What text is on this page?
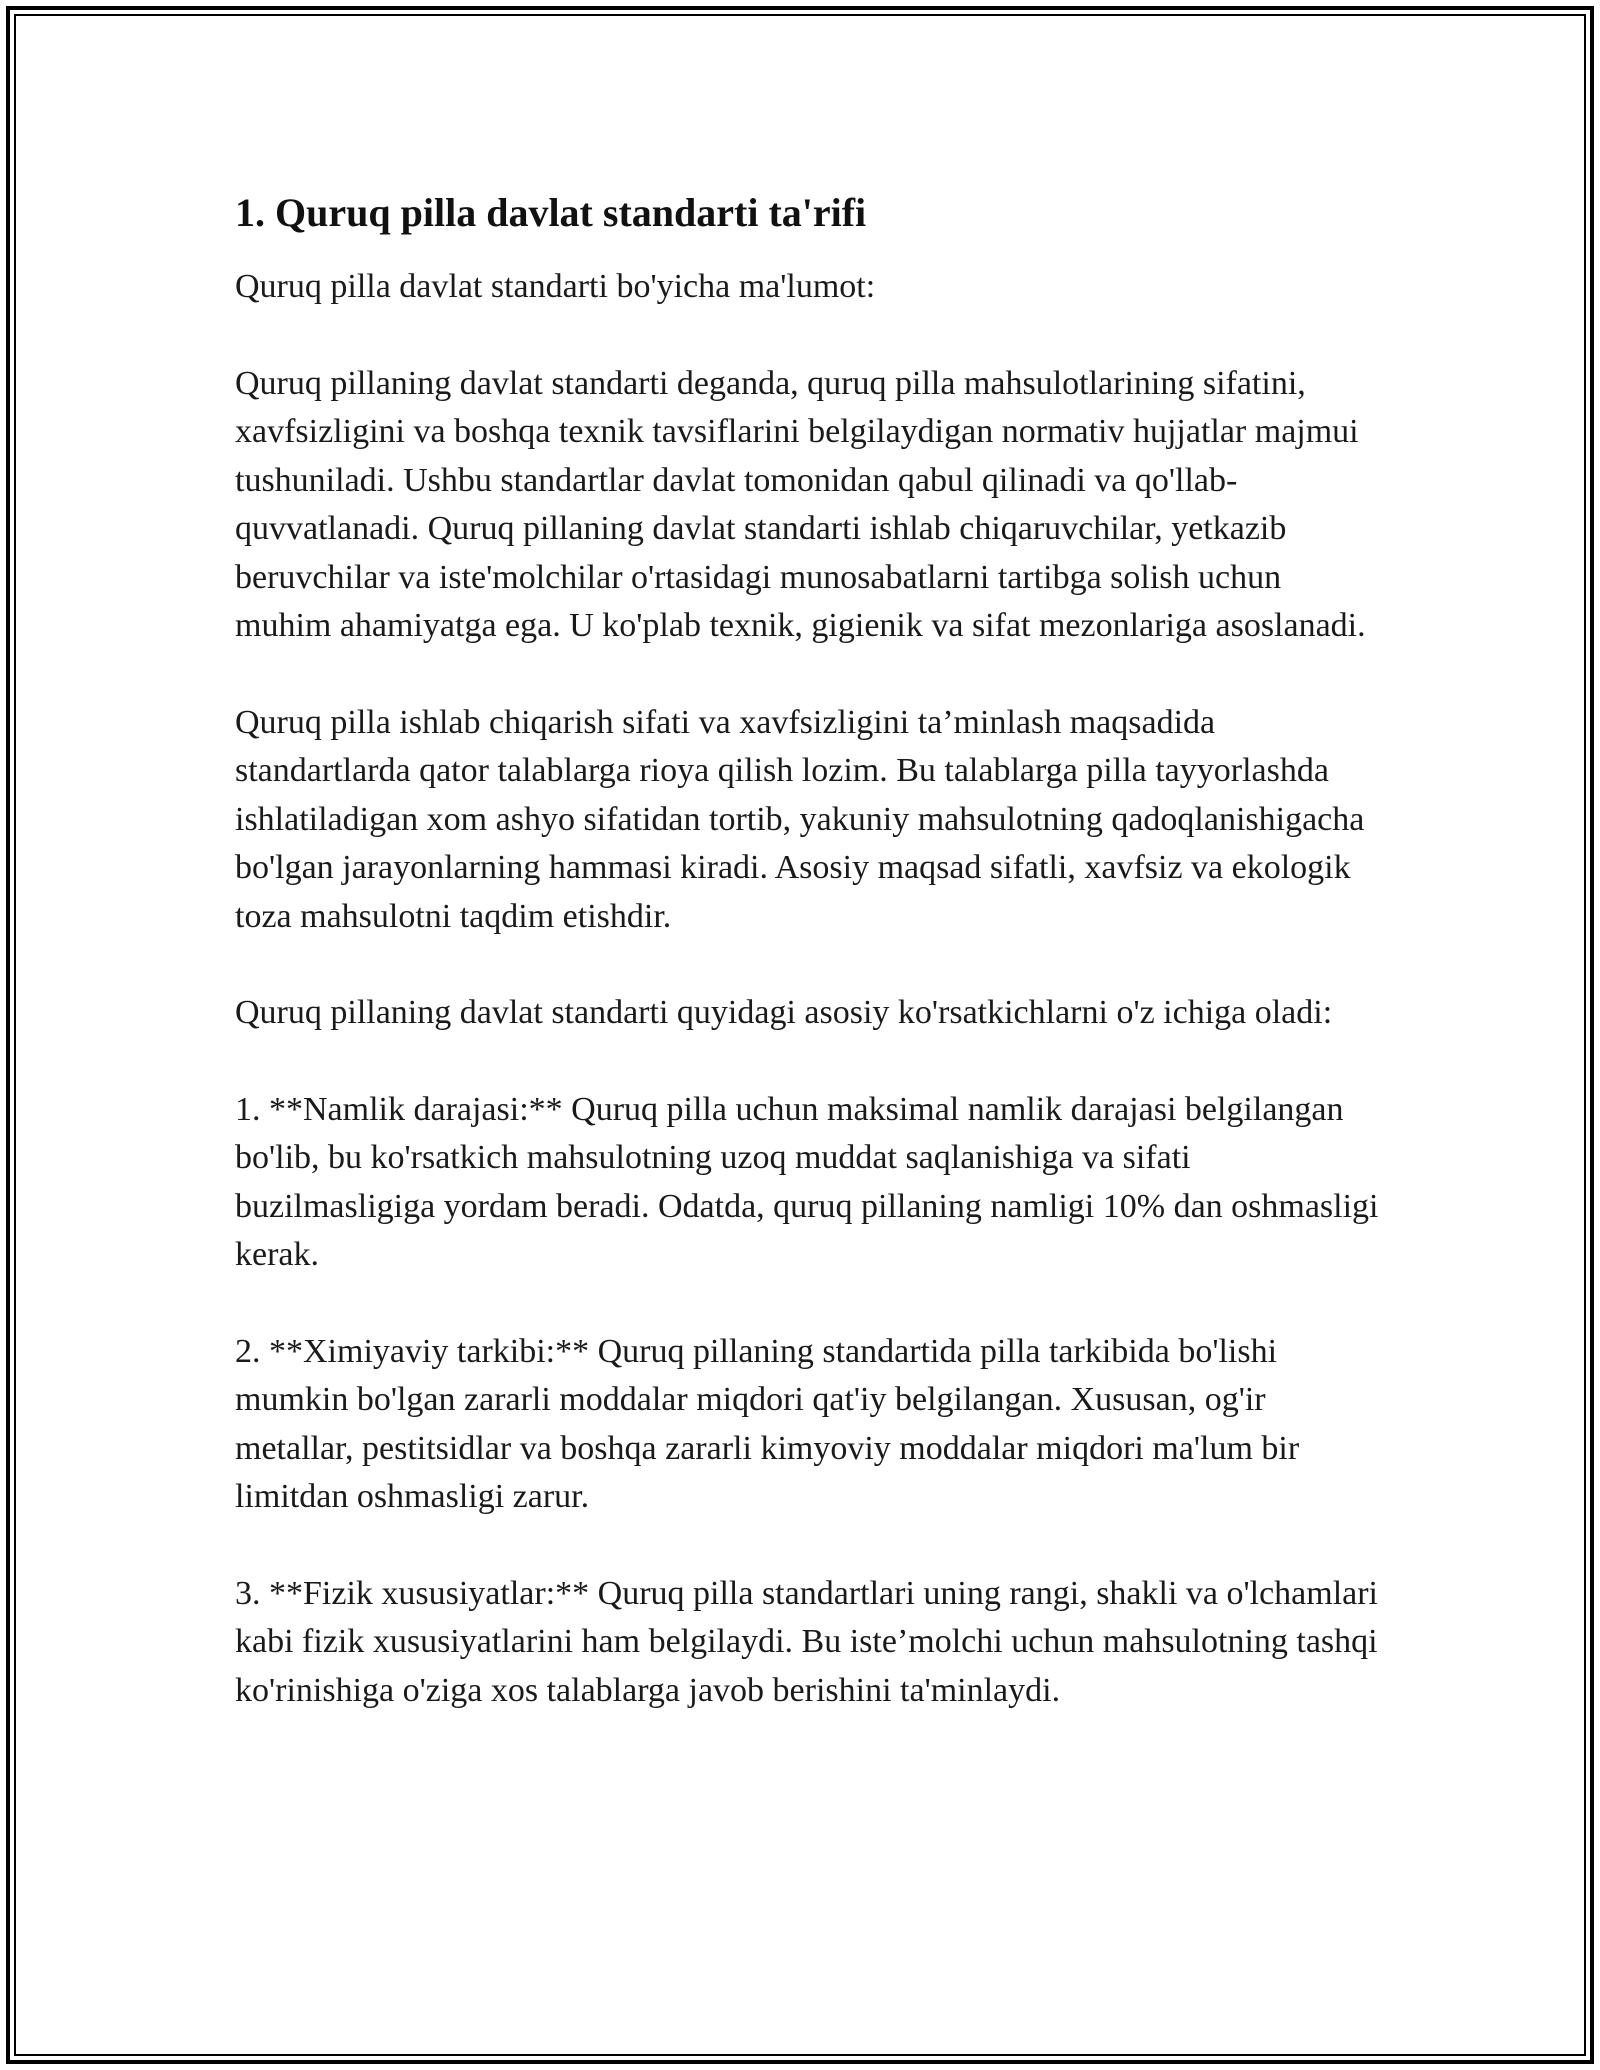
1. Quruq pilla davlat standarti ta'rifi

Quruq pilla davlat standarti bo'yicha ma'lumot:

Quruq pillaning davlat standarti deganda, quruq pilla mahsulotlarining sifatini, xavfsizligini va boshqa texnik tavsiflarini belgilaydigan normativ hujjatlar majmui tushuniladi. Ushbu standartlar davlat tomonidan qabul qilinadi va qo'llab-quvvatlanadi. Quruq pillaning davlat standarti ishlab chiqaruvchilar, yetkazib beruvchilar va iste'molchilar o'rtasidagi munosabatlarni tartibga solish uchun muhim ahamiyatga ega. U ko'plab texnik, gigienik va sifat mezonlariga asoslanadi.

Quruq pilla ishlab chiqarish sifati va xavfsizligini ta’minlash maqsadida standartlarda qator talablarga rioya qilish lozim. Bu talablarga pilla tayyorlashda ishlatiladigan xom ashyo sifatidan tortib, yakuniy mahsulotning qadoqlanishigacha bo'lgan jarayonlarning hammasi kiradi. Asosiy maqsad sifatli, xavfsiz va ekologik toza mahsulotni taqdim etishdir.

Quruq pillaning davlat standarti quyidagi asosiy ko'rsatkichlarni o'z ichiga oladi:

1. **Namlik darajasi:** Quruq pilla uchun maksimal namlik darajasi belgilangan bo'lib, bu ko'rsatkich mahsulotning uzoq muddat saqlanishiga va sifati buzilmasligiga yordam beradi. Odatda, quruq pillaning namligi 10% dan oshmasligi kerak.

2. **Ximiyaviy tarkibi:** Quruq pillaning standartida pilla tarkibida bo'lishi mumkin bo'lgan zararli moddalar miqdori qat'iy belgilangan. Xususan, og'ir metallar, pestitsidlar va boshqa zararli kimyoviy moddalar miqdori ma'lum bir limitdan oshmasligi zarur.

3. **Fizik xususiyatlar:** Quruq pilla standartlari uning rangi, shakli va o'lchamlari kabi fizik xususiyatlarini ham belgilaydi. Bu iste’molchi uchun mahsulotning tashqi ko'rinishiga o'ziga xos talablarga javob berishini ta'minlaydi.
